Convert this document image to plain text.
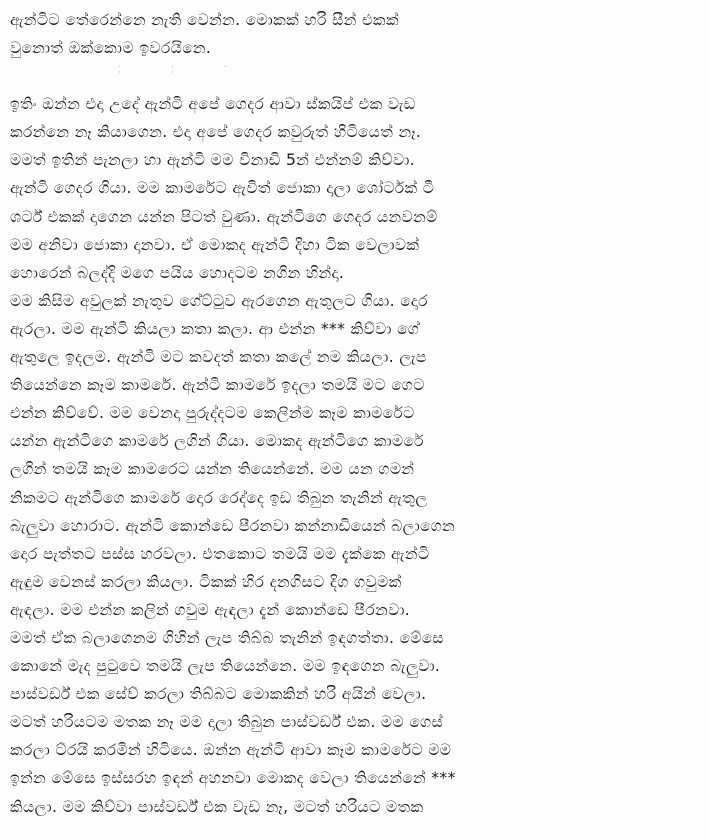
ඇන්ටිට තේරෙන්නෙ නැති වෙන්න. මොකක් හරි සීන් එකක්
වුනොත් ඔක්කොම ඉවරයිනෙ.
ඉතිං ඔන්න එදා උදේ ඇන්ටි අපේ ගෙදර ආවා ස්කයිප් එක වැඩ
කරන්නෙ නෑ කියාගෙන. එදා අපේ ගෙදර කවුරුත් හිටියෙත් නෑ.
මමත් ඉතින් පැනලා හා ඇන්ටි මම විනාඩි 5න් එන්නම් කිව්වා.
ඇන්ටි ගෙදර ගියා. මම කාමරේට ඇවිත් ජොකා දාලා ශෝර්ටක් ටී
ශර්ට් එකක් දාගෙන යන්න පිටත් වුණා. ඇන්ටිගෙ ගෙදර යනවනම්
මම අනිවා ජොකා දානවා. ඒ මොකද ඇන්ටි දිහා ටික වෙලාවක්
හොරෙන් බලද්දි මගෙ පයිය හොදටම නගින හින්දා.
මම කිසිම අවුලක් නැතුව ගේට්ටුව ඇරගෙන ඇතුලට ගියා. දොර
ඇරලා. මම ඇන්ටි කියලා කතා කලා. ආ එන්න *** කිව්වා ගේ
ඇතුලෙ ඉදලම. ඇන්ටි මට කවදත් කතා කලේ නම කියලා. ලැප
තියෙන්නෙ කෑම කාමරේ. ඇන්ටි කාමරේ ඉදලා තමයි මට ගෙට
එන්න කිව්වේ. මම වෙනදා පුරුද්දටම කෙලින්ම කෑම කාමරේට
යන්න ඇන්ටිගෙ කාමරේ ලගින් ගියා. මොකද ඇන්ටිගෙ කාමරේ
ලගින් තමයි කෑම කාමරෙට යන්න තියෙන්නේ. මම යන ගමන්
නිකමට ඇන්ටිගෙ කාමරේ දොර රෙද්දෙ ඉඩ තිබුන තැනින් ඇතුල
බැලුවා හොරාට. ඇන්ටි කොන්ඩෙ පීරනවා කන්නාඩියෙන් බලාගෙන
දොර පැත්තට පස්ස හරවලා. එතකොට තමයි මම දැක්කෙ ඇන්ටි
ඇඳුම වෙනස් කරලා කියලා. ටිකක් හිර දනගිසට දිග ගවුමක්
ඇඳලා. මම එන්න කලින් ගවුම ඇඳලා දැන් කොන්ඩෙ පීරනවා.
මමත් ඒක බලාගෙනම ගිහින් ලැප තිබ්බ තැනින් ඉඳගත්තා. මේසෙ
කොනේ මැද පුටුවෙ තමයි ලැප තියෙන්නෙ. මම ඉඳගෙන බැලුවා.
පාස්වර්ඩ් එක සේව් කරලා තිබ්බට මොකකින් හරි අයින් වෙලා.
මටත් හරියටම මතක නෑ මම දාලා තිබුන පාස්වර්ඩ් එක. මම ගෙස්
කරලා ට්රයි කරමින් හිටියෙ. ඔන්න ඇන්ටි ආවා කෑම කාමරේට මම
ඉන්න මේසෙ ඉස්සරහ ඉඳන් අහනවා මොකද වෙලා තියෙන්නේ ***
කියලා. මම කිව්වා පාස්වර්ඩ් එක වැඩ නෑ, මටත් හරියට මතක
· · · · ·
